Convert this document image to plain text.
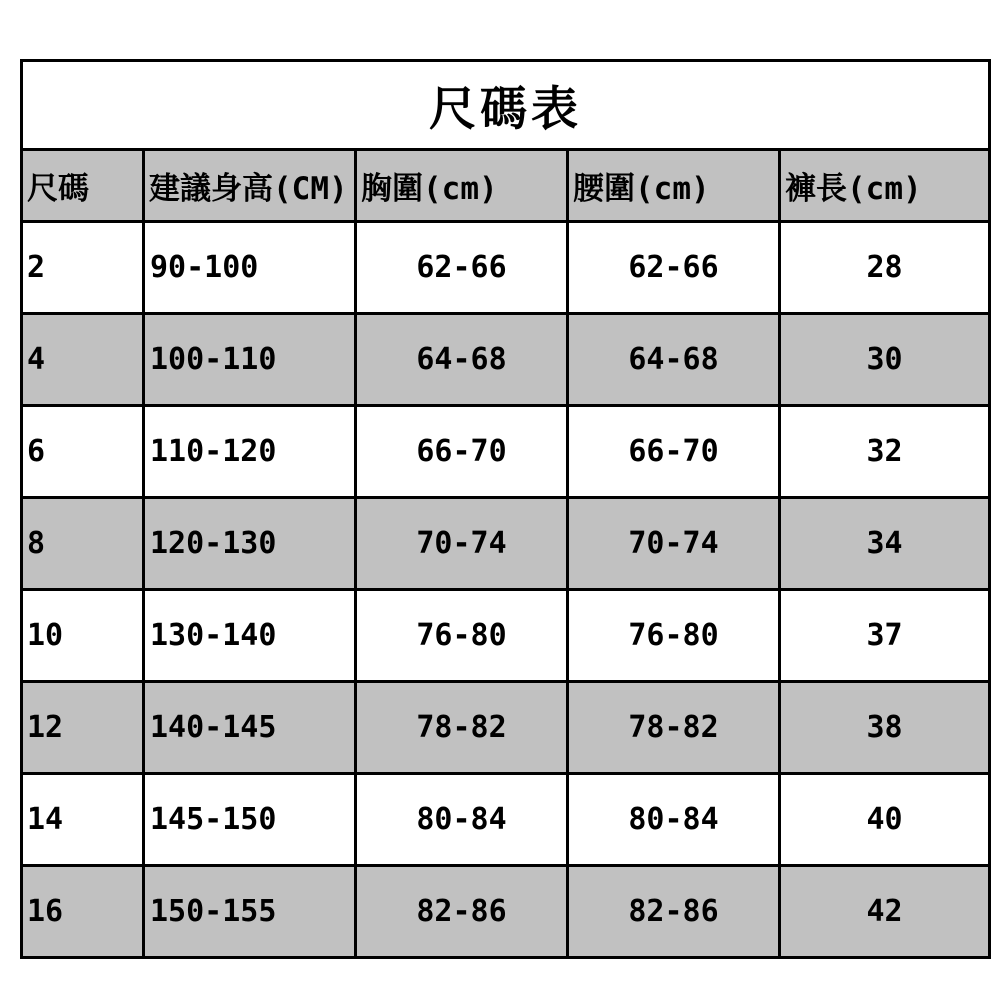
尺碼表				
尺碼	建議身高(CM)	胸圍(cm)	腰圍(cm)	褲長(cm)
2	90-100	62-66	62-66	28
4	100-110	64-68	64-68	30
6	110-120	66-70	66-70	32
8	120-130	70-74	70-74	34
10	130-140	76-80	76-80	37
12	140-145	78-82	78-82	38
14	145-150	80-84	80-84	40
16	150-155	82-86	82-86	42
